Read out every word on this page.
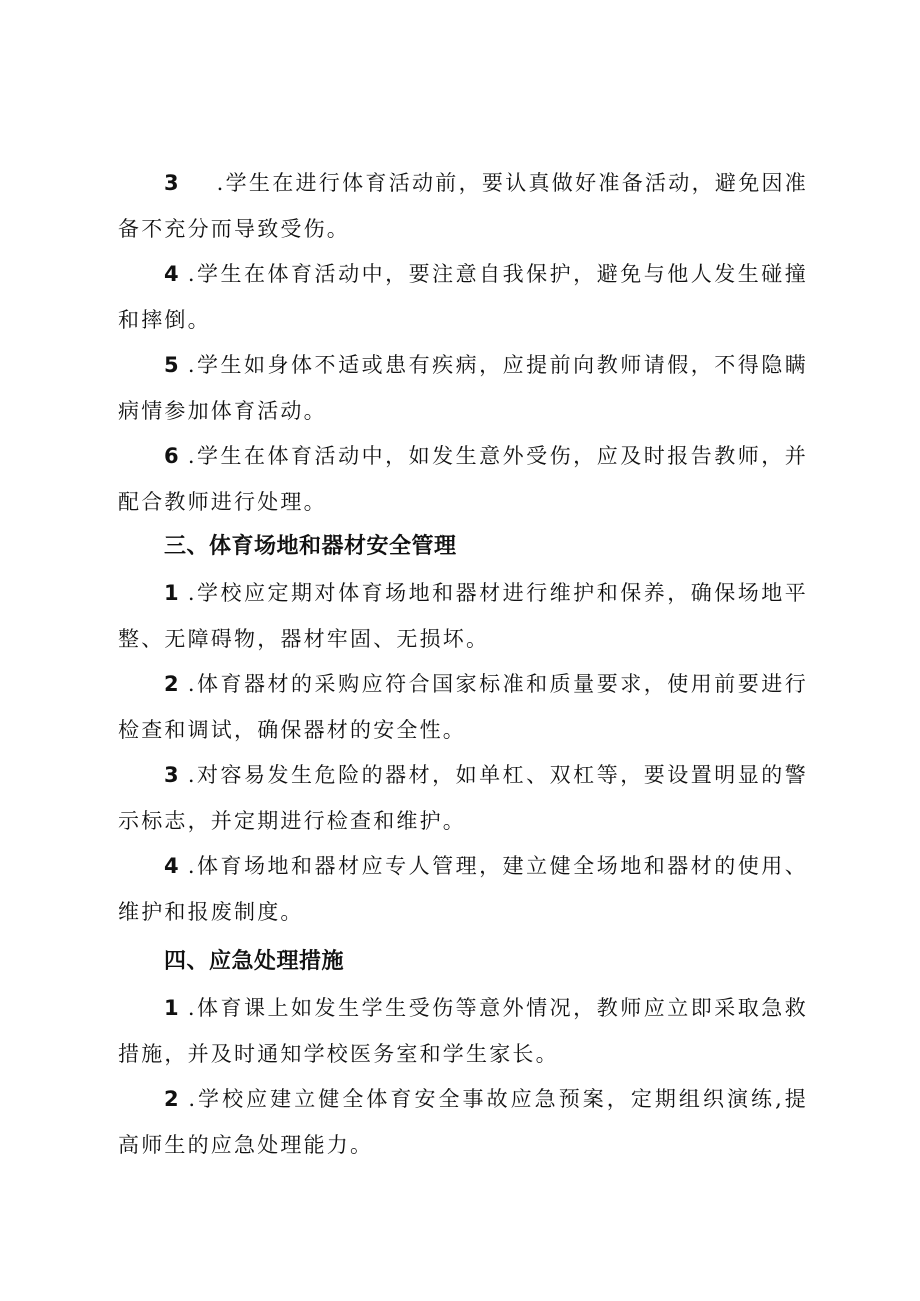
3 .学生在进行体育活动前，要认真做好准备活动，避免因准备不充分而导致受伤。

4 .学生在体育活动中，要注意自我保护，避免与他人发生碰撞和摔倒。

5 .学生如身体不适或患有疾病，应提前向教师请假，不得隐瞒病情参加体育活动。

6 .学生在体育活动中，如发生意外受伤，应及时报告教师，并配合教师进行处理。

三、体育场地和器材安全管理

1 .学校应定期对体育场地和器材进行维护和保养，确保场地平整、无障碍物，器材牢固、无损坏。

2 .体育器材的采购应符合国家标准和质量要求，使用前要进行检查和调试，确保器材的安全性。

3 .对容易发生危险的器材，如单杠、双杠等，要设置明显的警示标志，并定期进行检查和维护。

4 .体育场地和器材应专人管理，建立健全场地和器材的使用、维护和报废制度。

四、应急处理措施

1 .体育课上如发生学生受伤等意外情况，教师应立即采取急救措施，并及时通知学校医务室和学生家长。

2 .学校应建立健全体育安全事故应急预案，定期组织演练,提高师生的应急处理能力。
